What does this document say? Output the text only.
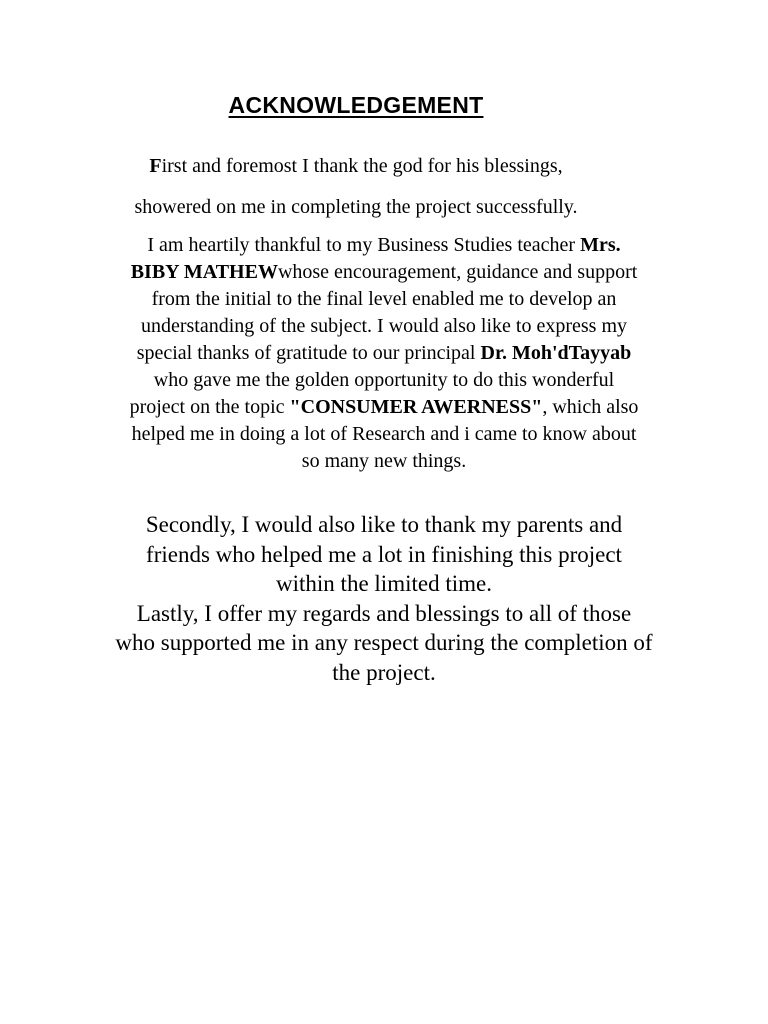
ACKNOWLEDGEMENT
First and foremost I thank the god for his blessings,
showered on me in completing the project successfully.
I am heartily thankful to my Business Studies teacher Mrs.
BIBY MATHEWwhose encouragement, guidance and support
from the initial to the final level enabled me to develop an
understanding of the subject. I would also like to express my
special thanks of gratitude to our principal Dr. Moh'dTayyab
who gave me the golden opportunity to do this wonderful
project on the topic "CONSUMER AWERNESS", which also
helped me in doing a lot of Research and i came to know about
so many new things.
Secondly, I would also like to thank my parents and
friends who helped me a lot in finishing this project
within the limited time.
Lastly, I offer my regards and blessings to all of those
who supported me in any respect during the completion of
the project.
